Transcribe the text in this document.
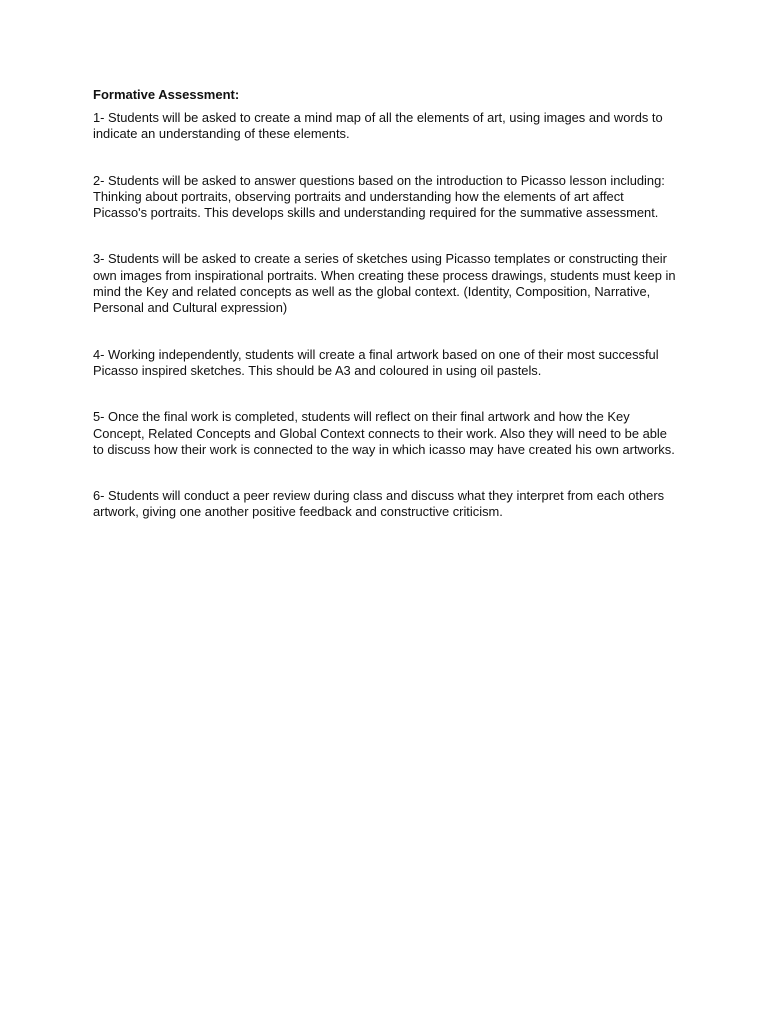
Formative Assessment:

1- Students will be asked to create a mind map of all the elements of art, using images and words to indicate an understanding of these elements.

2- Students will be asked to answer questions based on the introduction to Picasso lesson including: Thinking about portraits, observing portraits and understanding how the elements of art affect Picasso's portraits. This develops skills and understanding required for the summative assessment.

3- Students will be asked to create a series of sketches using Picasso templates or constructing their own images from inspirational portraits. When creating these process drawings, students must keep in mind the Key and related concepts as well as the global context. (Identity, Composition, Narrative, Personal and Cultural expression)

4- Working independently, students will create a final artwork based on one of their most successful Picasso inspired sketches. This should be A3 and coloured in using oil pastels.

5- Once the final work is completed, students will reflect on their final artwork and how the Key Concept, Related Concepts and Global Context connects to their work. Also they will need to be able to discuss how their work is connected to the way in which icasso may have created his own artworks.

6- Students will conduct a peer review during class and discuss what they interpret from each others artwork, giving one another positive feedback and constructive criticism.
